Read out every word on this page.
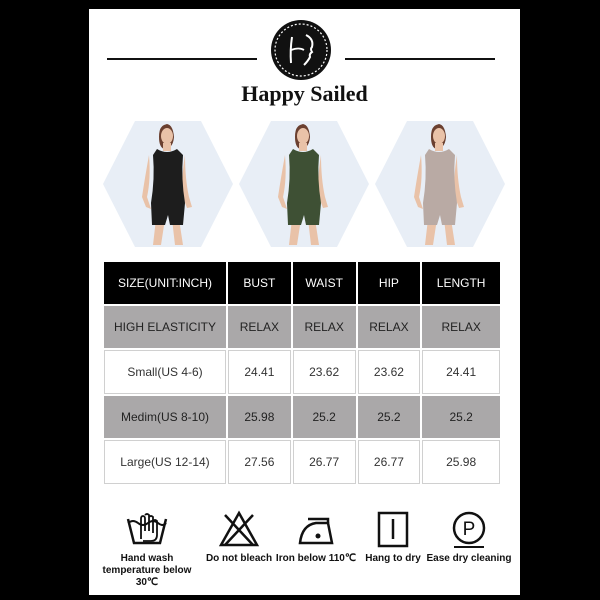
Happy Sailed
SIZE(UNIT:INCH)	BUST	WAIST	HIP	LENGTH
HIGH ELASTICITY	RELAX	RELAX	RELAX	RELAX
Small(US 4-6)	24.41	23.62	23.62	24.41
Medim(US 8-10)	25.98	25.2	25.2	25.2
Large(US 12-14)	27.56	26.77	26.77	25.98
Hand wash temperature below 30℃
Do not bleach Iron below 110℃ Hang to dry
P
Ease dry cleaning
